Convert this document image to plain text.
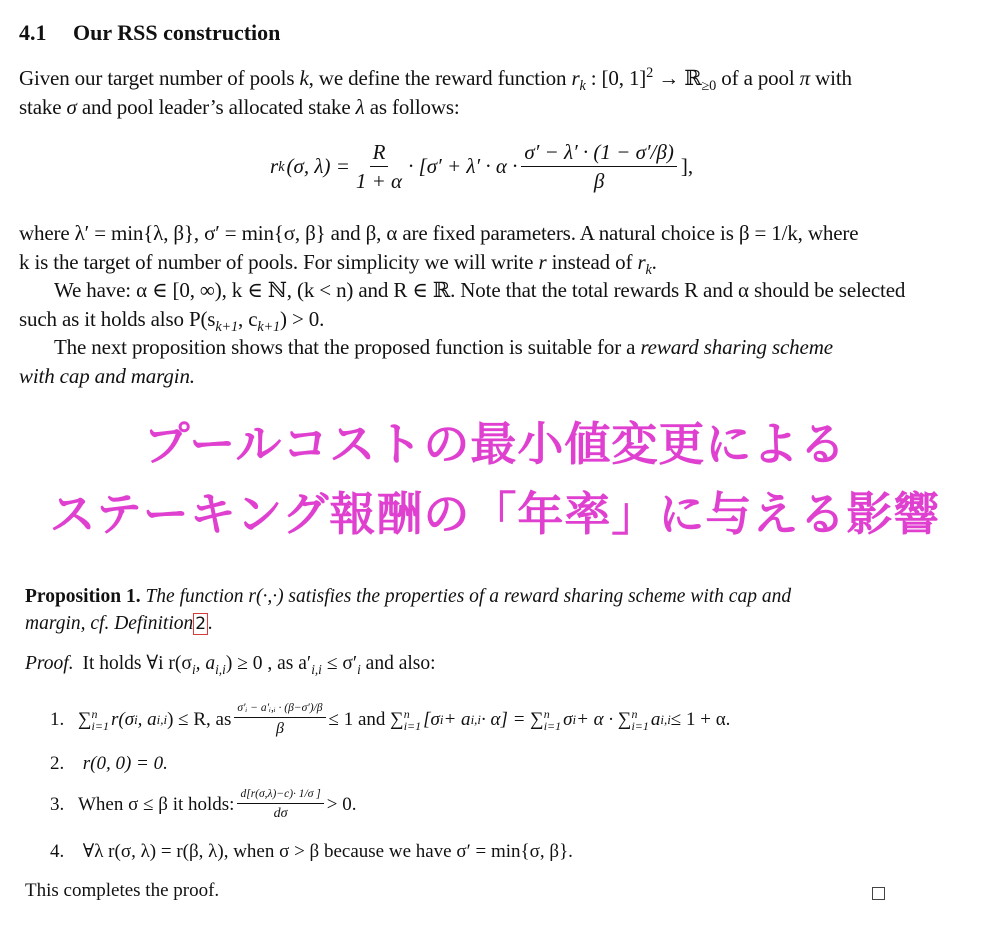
4.1 Our RSS construction
Given our target number of pools k, we define the reward function $r_k$ : [0, 1]$^2$ → ℝ$_{\ge 0}$ of a pool π with
stake σ and pool leader’s allocated stake λ as follows:
r k (σ, $\lambda) = \frac{R}{1 + \alpha} \cdot [\sigma' + \lambda' \cdot \alpha \cdot \frac{\sigma' - \lambda' \cdot (1 - \sigma'/\beta)}{\beta}$ ],
where λ′ = min{λ, β}, σ′ = min{σ, β} and β, α are fixed parameters. A natural choice is β = 1/k, where
k is the target of number of pools. For simplicity we will write r instead of $r_k$.
We have: α ∈ [0, ∞), k ∈ ℕ, (k < n) and R ∈ ℝ. Note that the total rewards R and α should be selected
such as it holds also $P(s_{k+1}$, $c_{k+1}) > 0$.
The next proposition shows that the proposed function is suitable for a reward sharing scheme
with cap and margin.
プールコストの最小値変更による
ステーキング報酬の「年率」に与える影響
Proposition 1. The function r(·,·) satisfies the properties of a reward sharing scheme with cap and
margin, cf. Definition 2 .
Proof. It holds ∀i $r(\sigma_i$, $a_{i,i}) \ge 0$ , as $a'_{i,i} \le \sigma'_i$ and also:
1. ∑ n
i=1 r(σ i , a i,i ) ≤ R, as $\frac{\text{σ′ᵢ − a′ᵢ,ᵢ · (β−σ′)/β}}{\beta} \le 1$ and ∑ n
i=1 [σ i + a i,i · α] = ∑ n
i=1 σ i + α · ∑ n
i=1 a i,i ≤ 1 + α.
2. r(0, 0) = 0.
3. When σ ≤ β it holds: $\frac{d[r(\sigma,\lambda)-c)\cdot 1/\sigma ]}{d\sigma} > 0$.
4. ∀λ r(σ, λ) = r(β, λ), when σ > β because we have σ′ = min{σ, β}.
This completes the proof.
